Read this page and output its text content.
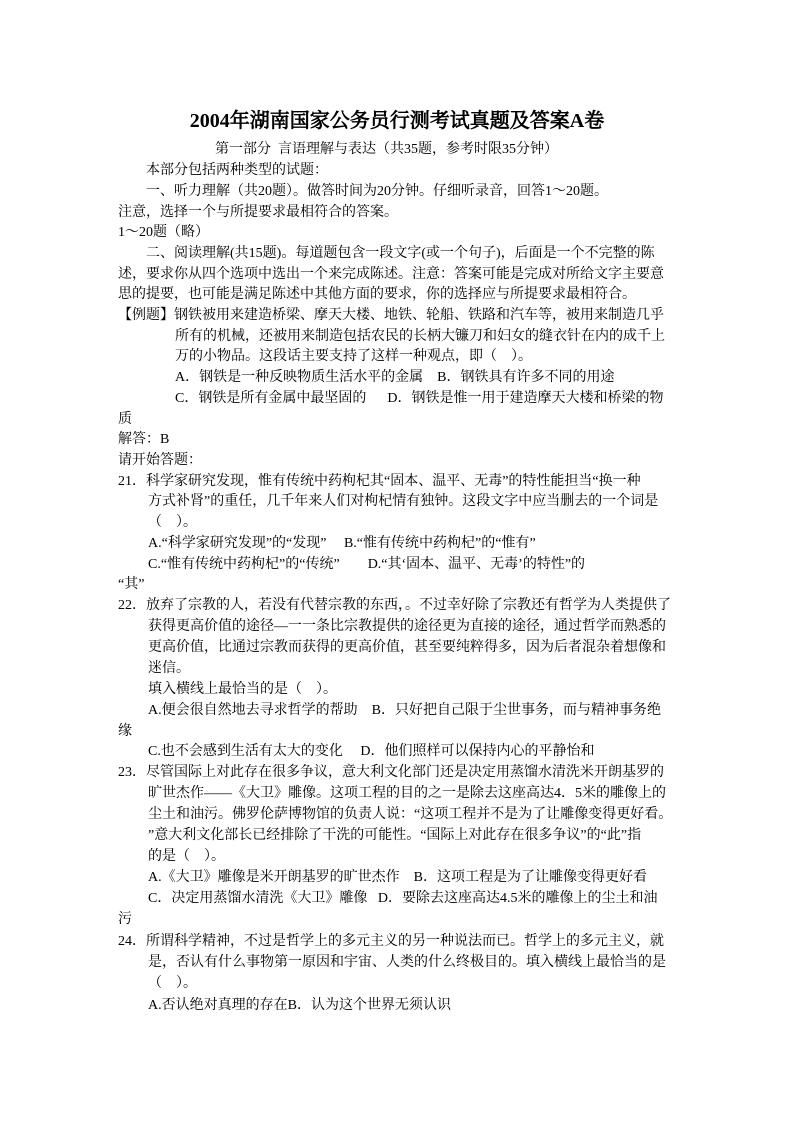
2004年湖南国家公务员行测考试真题及答案A卷
第一部分  言语理解与表达（共35题，参考时限35分钟）
本部分包括两种类型的试题：
一、听力理解（共20题）。做答时间为20分钟。仔细听录音，回答1～20题。
注意，选择一个与所提要求最相符合的答案。
1～20题（略）
二、阅读理解(共15题)。每道题包含一段文字(或一个句子)，后面是一个不完整的陈
述，要求你从四个选项中选出一个来完成陈述。注意：答案可能是完成对所给文字主要意
思的提要，也可能是满足陈述中其他方面的要求，你的选择应与所提要求最相符合。
【例题】钢铁被用来建造桥梁、摩天大楼、地铁、轮船、铁路和汽车等，被用来制造几乎
所有的机械，还被用来制造包括农民的长柄大镰刀和妇女的缝衣针在内的成千上
万的小物品。这段话主要支持了这样一种观点，即（    ）。
A．钢铁是一种反映物质生活水平的金属    B．钢铁具有许多不同的用途
C．钢铁是所有金属中最坚固的      D．钢铁是惟一用于建造摩天大楼和桥梁的物
质
解答：B
请开始答题：
21．科学家研究发现，惟有传统中药枸杞其“固本、温平、无毒”的特性能担当“换一种
方式补肾”的重任，几千年来人们对枸杞情有独钟。这段文字中应当删去的一个词是
（    ）。
A.“科学家研究发现”的“发现”     B.“惟有传统中药枸杞”的“惟有”
C.“惟有传统中药枸杞”的“传统”        D.“其‘固本、温平、无毒’的特性”的
“其”
22．放弃了宗教的人，若没有代替宗教的东西，。不过幸好除了宗教还有哲学为人类提供了
获得更高价值的途径—一一条比宗教提供的途径更为直接的途径，通过哲学而熟悉的
更高价值，比通过宗教而获得的更高价值，甚至要纯粹得多，因为后者混杂着想像和
迷信。
填入横线上最恰当的是（    ）。
A.便会很自然地去寻求哲学的帮助    B．只好把自己限于尘世事务，而与精神事务绝
缘
C.也不会感到生活有太大的变化     D．他们照样可以保持内心的平静怡和
23．尽管国际上对此存在很多争议，意大利文化部门还是决定用蒸馏水清洗米开朗基罗的
旷世杰作——《大卫》雕像。这项工程的目的之一是除去这座高达4．5米的雕像上的
尘土和油污。佛罗伦萨博物馆的负责人说：“这项工程并不是为了让雕像变得更好看。
”意大利文化部长已经排除了干洗的可能性。“国际上对此存在很多争议”的“此”指
的是（    ）。
A.《大卫》雕像是米开朗基罗的旷世杰作    B．这项工程是为了让雕像变得更好看
C．决定用蒸馏水清洗《大卫》雕像   D．要除去这座高达4.5米的雕像上的尘土和油
污
24．所谓科学精神，不过是哲学上的多元主义的另一种说法而已。哲学上的多元主义，就
是，否认有什么事物第一原因和宇宙、人类的什么终极目的。填入横线上最恰当的是
（    ）。
A.否认绝对真理的存在B．认为这个世界无须认识
